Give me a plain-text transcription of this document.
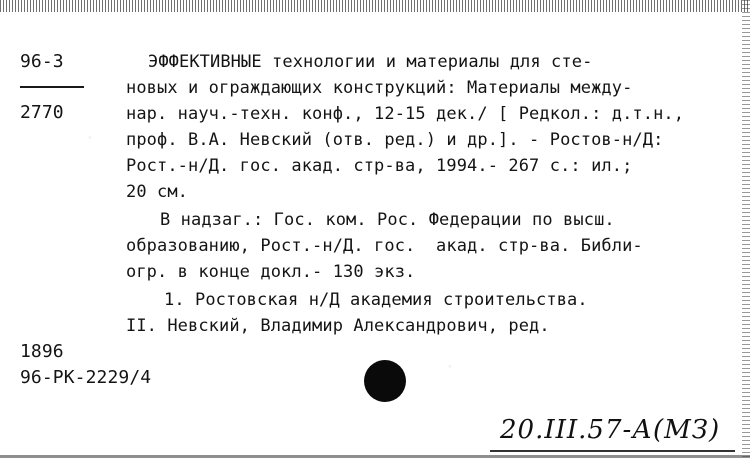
96-3
2770
ЭФФЕКТИВНЫЕ технологии и материалы для сте-
новых и ограждающих конструкций: Материалы между-
нар. науч.-техн. конф., 12-15 дек./ [ Редкол.: д.т.н.,
проф. В.А. Невский (отв. ред.) и др.]. - Ростов-н/Д:
Рост.-н/Д. гос. акад. стр-ва, 1994.- 267 с.: ил.;
20 см.
В надзаг.: Гос. ком. Рос. Федерации по высш.
образованию, Рост.-н/Д. гос.  акад. стр-ва. Библи-
огр. в конце докл.- 130 экз.
1. Ростовская н/Д академия строительства.
II. Невский, Владимир Александрович, ред.
1896
96-РК-2229/4
20.III.57-А(МЗ)
